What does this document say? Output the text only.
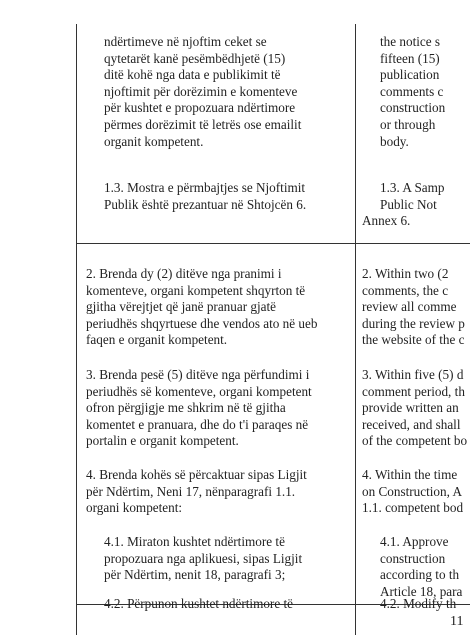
ndërtimeve në njoftim ceket se
qytetarët kanë pesëmbëdhjetë (15)
ditë kohë nga data e publikimit të
njoftimit për dorëzimin e komenteve
për kushtet e propozuara ndërtimore
përmes dorëzimit të letrës ose emailit
organit kompetent.
1.3. Mostra e përmbajtjes se Njoftimit
Publik është prezantuar në Shtojcën 6.
2. Brenda dy (2) ditëve nga pranimi i
komenteve, organi kompetent shqyrton të
gjitha vërejtjet që janë pranuar gjatë
periudhës shqyrtuese dhe vendos ato në ueb
faqen e organit kompetent.
3. Brenda pesë (5) ditëve nga përfundimi i
periudhës së komenteve, organi kompetent
ofron përgjigje me shkrim në të gjitha
komentet e pranuara, dhe do t'i paraqes në
portalin e organit kompetent.
4. Brenda kohës së përcaktuar sipas Ligjit
për Ndërtim, Neni 17, nënparagrafi 1.1.
organi kompetent:
4.1. Miraton kushtet ndërtimore të
propozuara nga aplikuesi, sipas Ligjit
për Ndërtim, nenit 18, paragrafi 3;
4.2. Përpunon kushtet ndërtimore të
the notice s
fifteen (15)
publication
comments c
construction
or through
body.
1.3. A Samp
Public Not
Annex 6.
2. Within two (2
comments, the c
review all comme
during the review p
the website of the c
3. Within five (5) d
comment period, th
provide written an
received, and shall
of the competent bo
4. Within the time
on Construction, A
1.1. competent bod
4.1. Approve
construction
according to th
Article 18, para
4.2. Modify th
11
